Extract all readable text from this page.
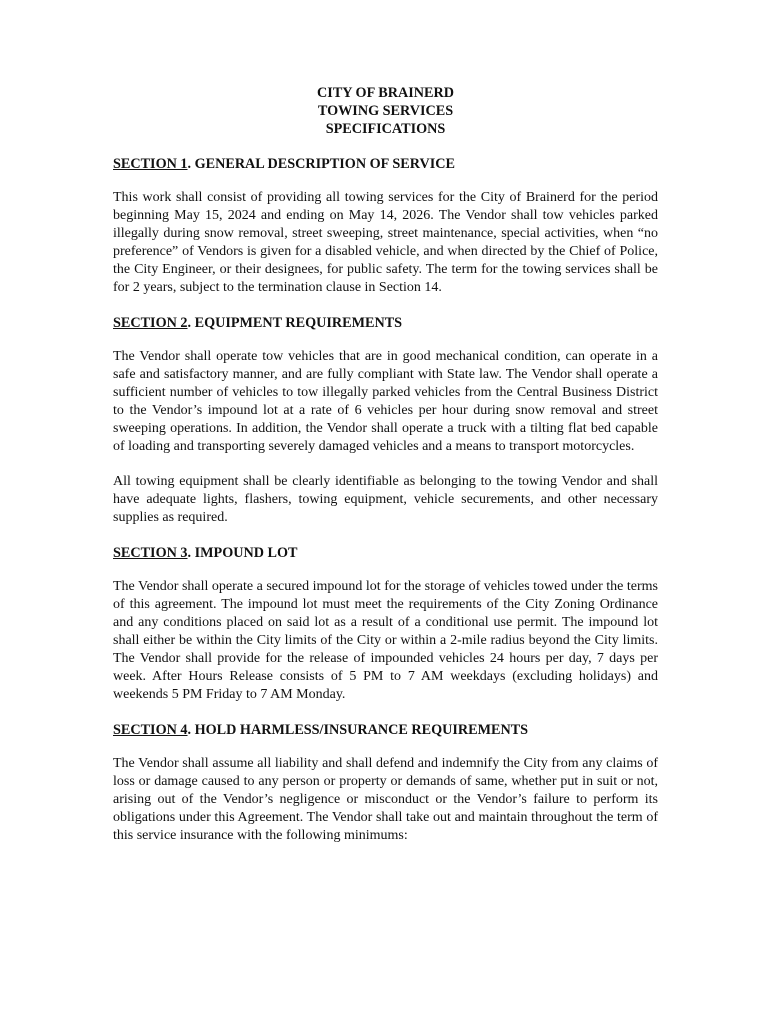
CITY OF BRAINERD
TOWING SERVICES
SPECIFICATIONS

SECTION 1. GENERAL DESCRIPTION OF SERVICE

This work shall consist of providing all towing services for the City of Brainerd for the period beginning May 15, 2024 and ending on May 14, 2026. The Vendor shall tow vehicles parked illegally during snow removal, street sweeping, street maintenance, special activities, when “no preference” of Vendors is given for a disabled vehicle, and when directed by the Chief of Police, the City Engineer, or their designees, for public safety. The term for the towing services shall be for 2 years, subject to the termination clause in Section 14.

SECTION 2. EQUIPMENT REQUIREMENTS

The Vendor shall operate tow vehicles that are in good mechanical condition, can operate in a safe and satisfactory manner, and are fully compliant with State law. The Vendor shall operate a sufficient number of vehicles to tow illegally parked vehicles from the Central Business District to the Vendor’s impound lot at a rate of 6 vehicles per hour during snow removal and street sweeping operations. In addition, the Vendor shall operate a truck with a tilting flat bed capable of loading and transporting severely damaged vehicles and a means to transport motorcycles.

All towing equipment shall be clearly identifiable as belonging to the towing Vendor and shall have adequate lights, flashers, towing equipment, vehicle securements, and other necessary supplies as required.

SECTION 3. IMPOUND LOT

The Vendor shall operate a secured impound lot for the storage of vehicles towed under the terms of this agreement. The impound lot must meet the requirements of the City Zoning Ordinance and any conditions placed on said lot as a result of a conditional use permit. The impound lot shall either be within the City limits of the City or within a 2-mile radius beyond the City limits. The Vendor shall provide for the release of impounded vehicles 24 hours per day, 7 days per week. After Hours Release consists of 5 PM to 7 AM weekdays (excluding holidays) and weekends 5 PM Friday to 7 AM Monday.

SECTION 4. HOLD HARMLESS/INSURANCE REQUIREMENTS

The Vendor shall assume all liability and shall defend and indemnify the City from any claims of loss or damage caused to any person or property or demands of same, whether put in suit or not, arising out of the Vendor’s negligence or misconduct or the Vendor’s failure to perform its obligations under this Agreement. The Vendor shall take out and maintain throughout the term of this service insurance with the following minimums:
